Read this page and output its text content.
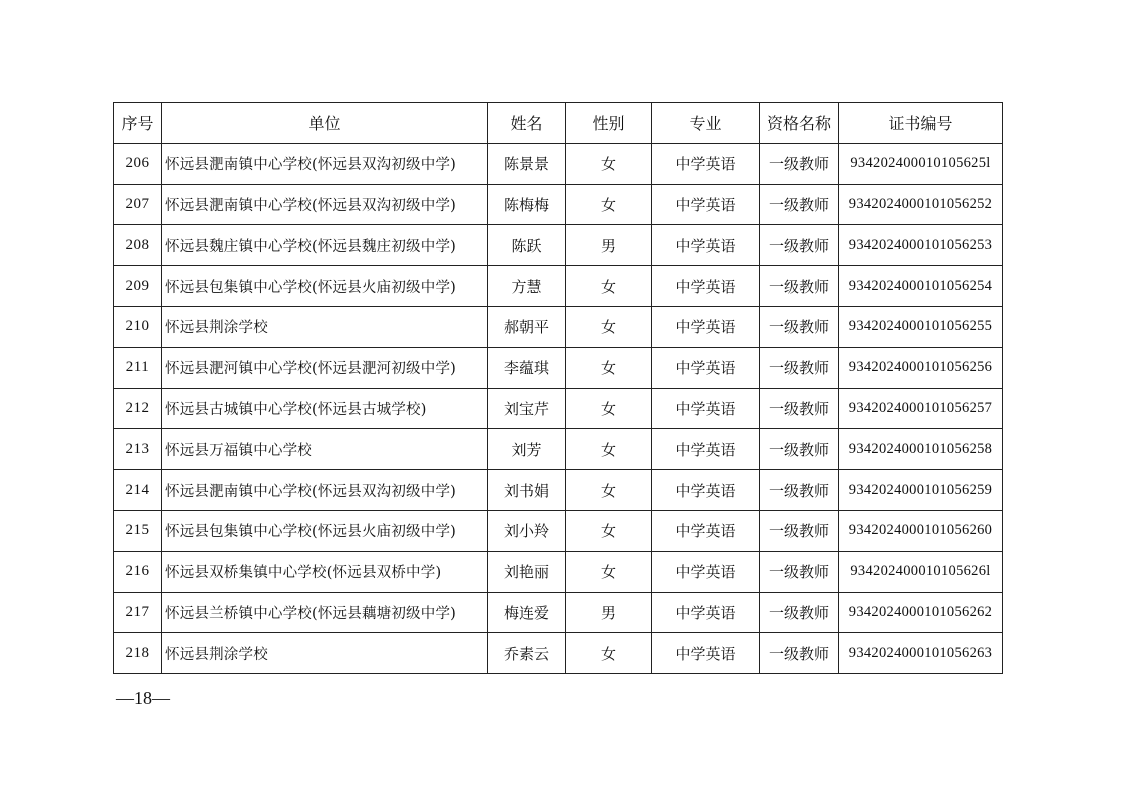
序号	单位	姓名	性别	专业	资格名称	证书编号
206	怀远县淝南镇中心学校(怀远县双沟初级中学)	陈景景	女	中学英语	一级教师	934202400010105625l
207	怀远县淝南镇中心学校(怀远县双沟初级中学)	陈梅梅	女	中学英语	一级教师	9342024000101056252
208	怀远县魏庄镇中心学校(怀远县魏庄初级中学)	陈跃	男	中学英语	一级教师	9342024000101056253
209	怀远县包集镇中心学校(怀远县火庙初级中学)	方慧	女	中学英语	一级教师	9342024000101056254
210	怀远县荆涂学校	郝朝平	女	中学英语	一级教师	9342024000101056255
211	怀远县淝河镇中心学校(怀远县淝河初级中学)	李蕴琪	女	中学英语	一级教师	9342024000101056256
212	怀远县古城镇中心学校(怀远县古城学校)	刘宝芹	女	中学英语	一级教师	9342024000101056257
213	怀远县万福镇中心学校	刘芳	女	中学英语	一级教师	9342024000101056258
214	怀远县淝南镇中心学校(怀远县双沟初级中学)	刘书娟	女	中学英语	一级教师	9342024000101056259
215	怀远县包集镇中心学校(怀远县火庙初级中学)	刘小羚	女	中学英语	一级教师	9342024000101056260
216	怀远县双桥集镇中心学校(怀远县双桥中学)	刘艳丽	女	中学英语	一级教师	934202400010105626l
217	怀远县兰桥镇中心学校(怀远县藕塘初级中学)	梅连爱	男	中学英语	一级教师	9342024000101056262
218	怀远县荆涂学校	乔素云	女	中学英语	一级教师	9342024000101056263
—18—
